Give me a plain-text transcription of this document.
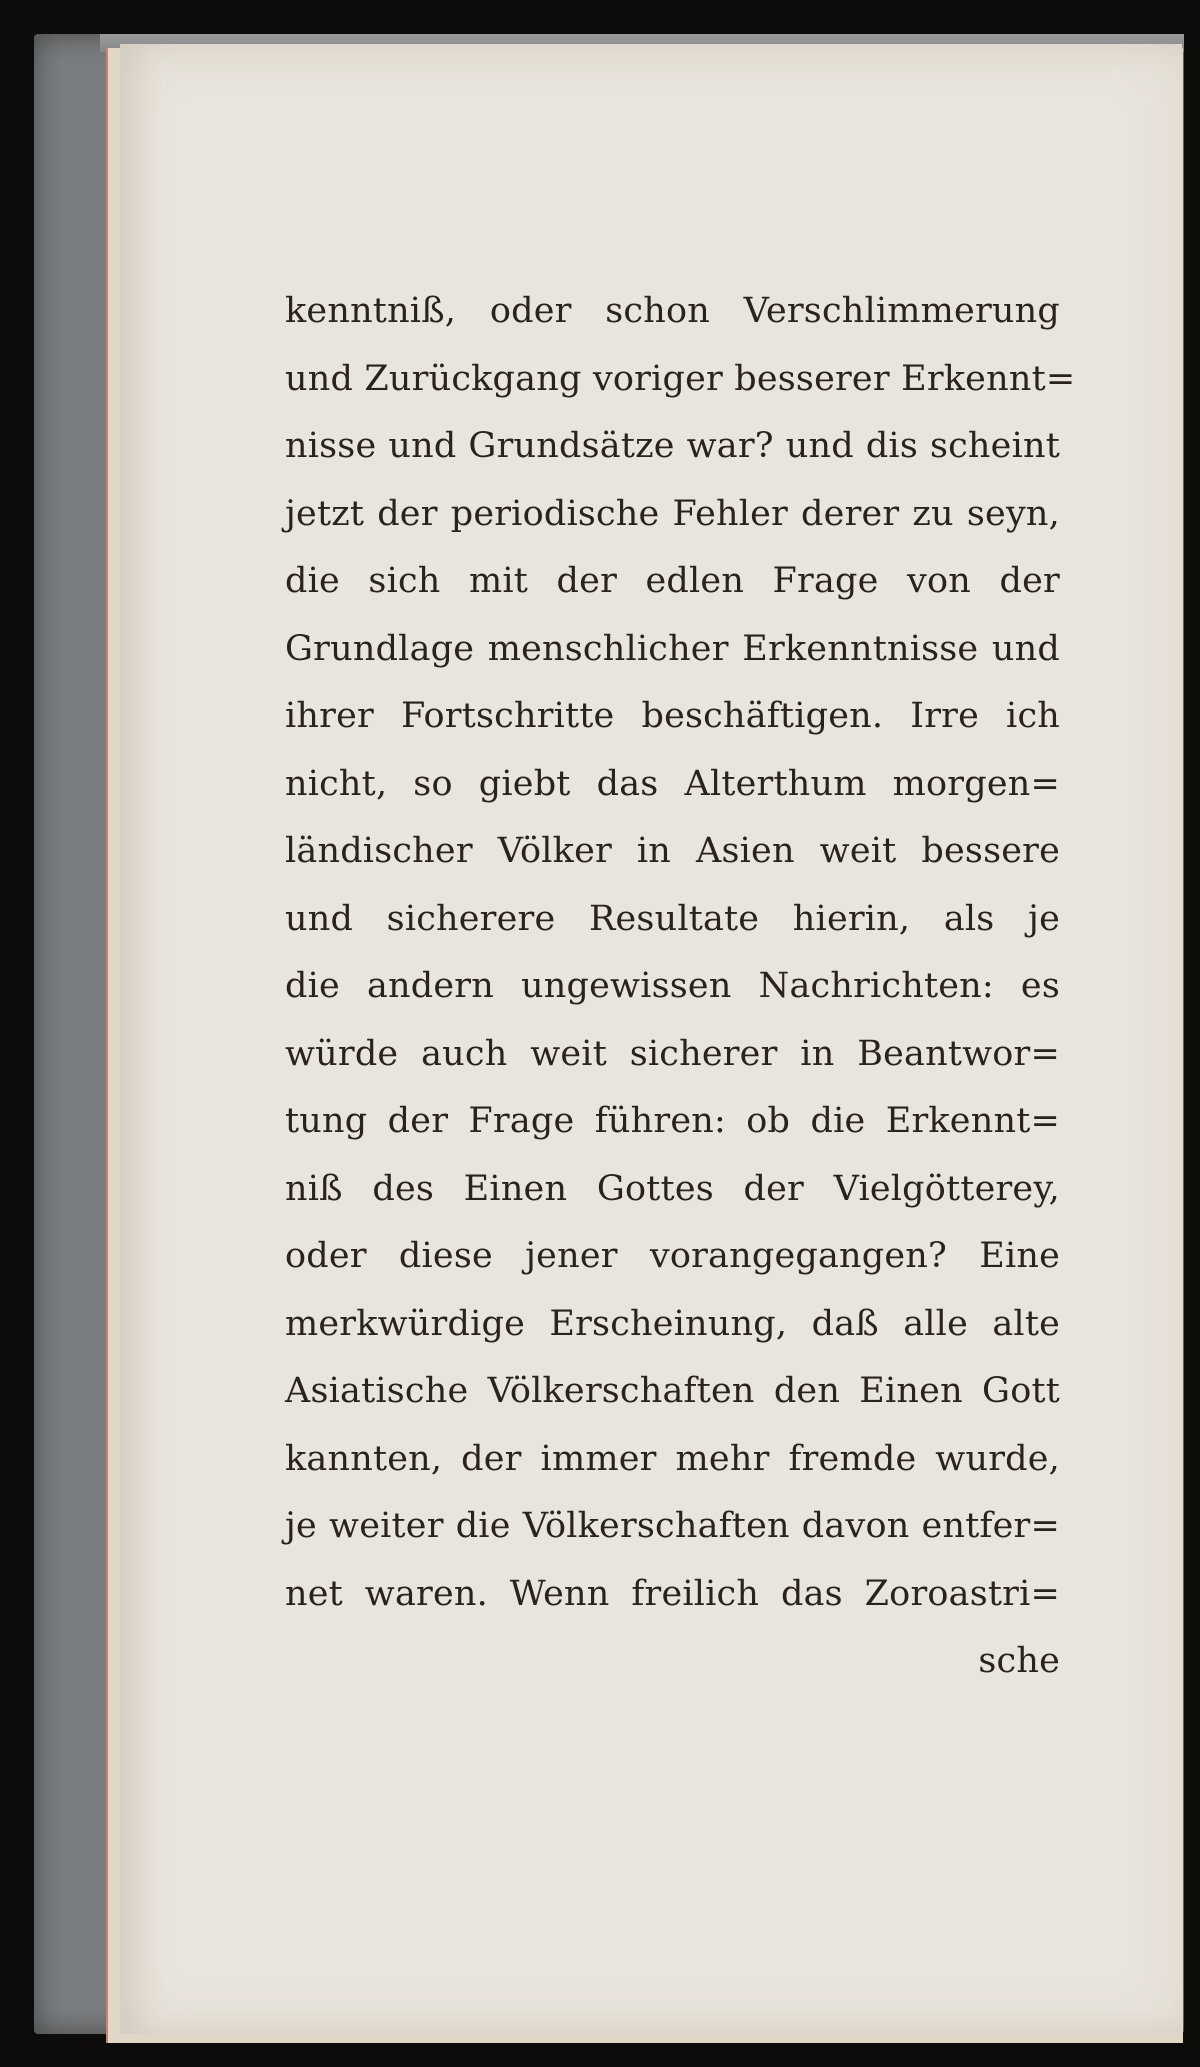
kenntniß, oder schon Verschlimmerung
und Zurückgang voriger besserer Erkennt=
nisse und Grundsätze war? und dis scheint
jetzt der periodische Fehler derer zu seyn,
die sich mit der edlen Frage von der
Grundlage menschlicher Erkenntnisse und
ihrer Fortschritte beschäftigen. Irre ich
nicht, so giebt das Alterthum morgen=
ländischer Völker in Asien weit bessere
und sicherere Resultate hierin, als je
die andern ungewissen Nachrichten: es
würde auch weit sicherer in Beantwor=
tung der Frage führen: ob die Erkennt=
niß des Einen Gottes der Vielgötterey,
oder diese jener vorangegangen? Eine
merkwürdige Erscheinung, daß alle alte
Asiatische Völkerschaften den Einen Gott
kannten, der immer mehr fremde wurde,
je weiter die Völkerschaften davon entfer=
net waren. Wenn freilich das Zoroastri=
sche
